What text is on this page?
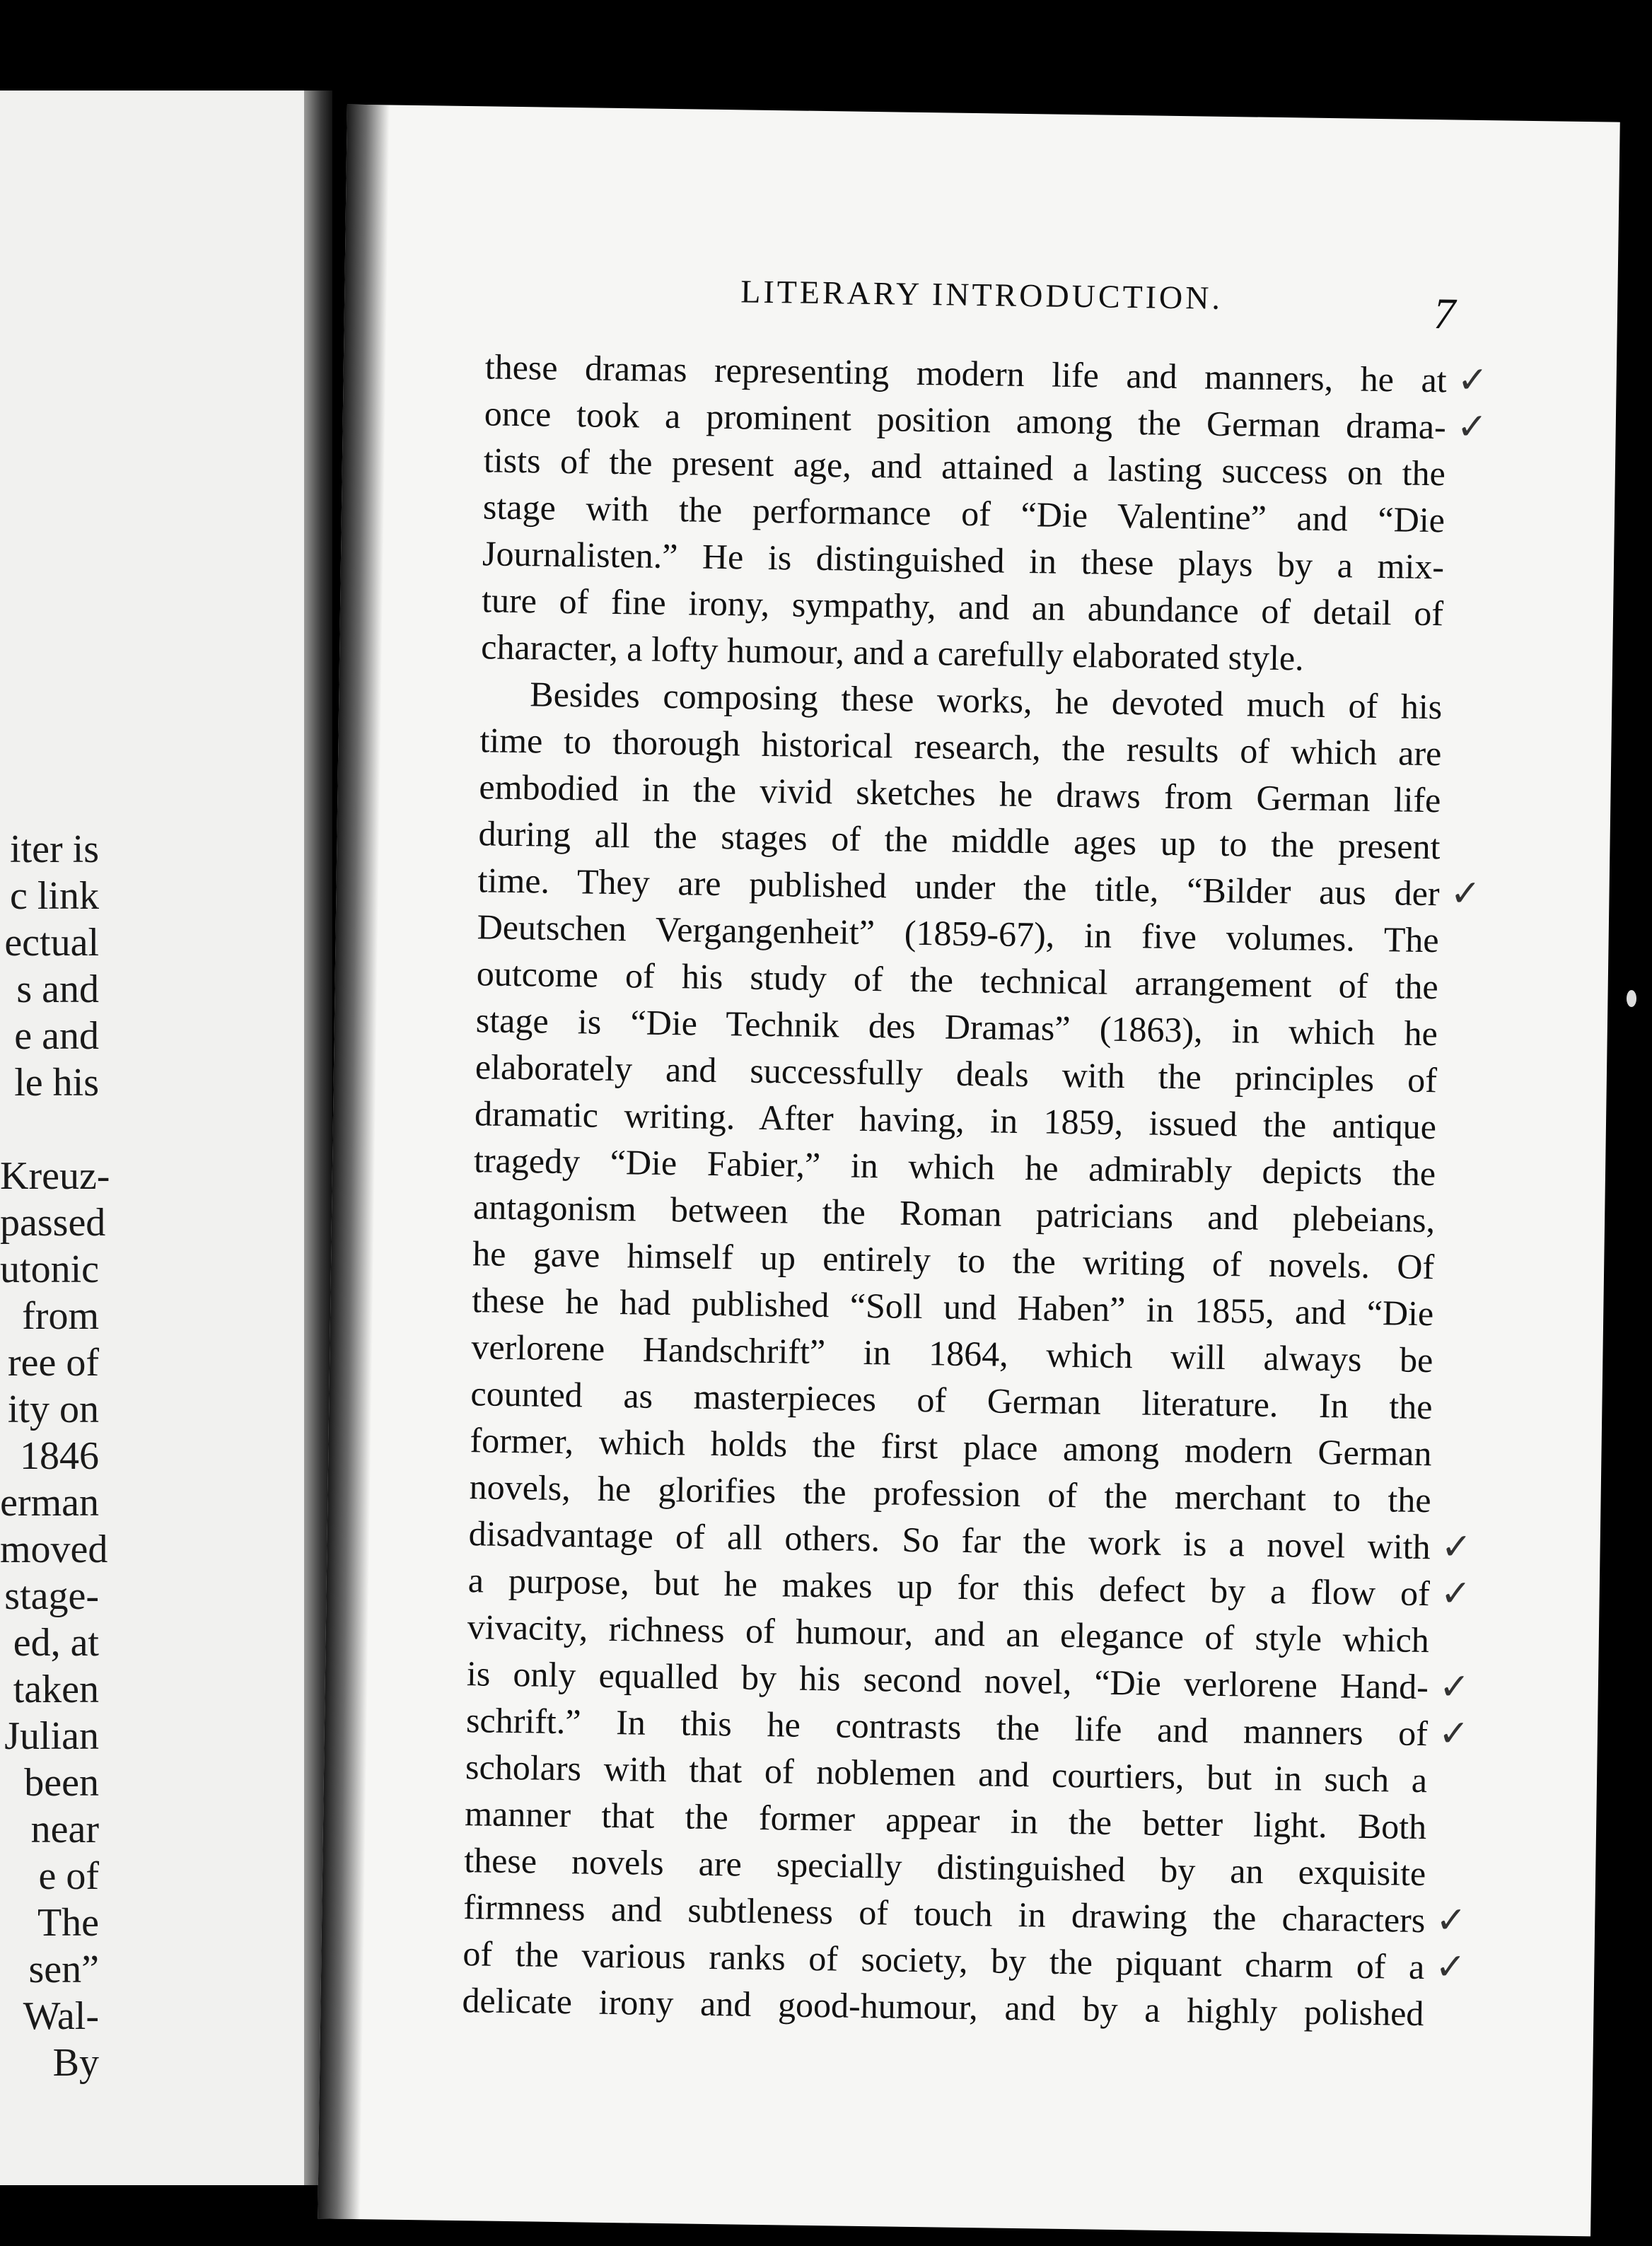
iter is
c link
ectual
s and
e and
le his

Kreuz-
passed
utonic
from
ree of
ity on
1846
erman
moved
stage-
ed, at
taken
Julian
been
near
e of
The
sen”
Wal-
By
LITERARY INTRODUCTION.	7
these dramas representing modern life and manners, he at
once took a prominent position among the German drama-
tists of the present age, and attained a lasting success on the
stage with the performance of “Die Valentine” and “Die
Journalisten.” He is distinguished in these plays by a mix-
ture of fine irony, sympathy, and an abundance of detail of
character, a lofty humour, and a carefully elaborated style.
Besides composing these works, he devoted much of his
time to thorough historical research, the results of which are
embodied in the vivid sketches he draws from German life
during all the stages of the middle ages up to the present
time. They are published under the title, “Bilder aus der
Deutschen Vergangenheit” (1859-67), in five volumes. The
outcome of his study of the technical arrangement of the
stage is “Die Technik des Dramas” (1863), in which he
elaborately and successfully deals with the principles of
dramatic writing. After having, in 1859, issued the antique
tragedy “Die Fabier,” in which he admirably depicts the
antagonism between the Roman patricians and plebeians,
he gave himself up entirely to the writing of novels. Of
these he had published “Soll und Haben” in 1855, and “Die
verlorene Handschrift” in 1864, which will always be
counted as masterpieces of German literature. In the
former, which holds the first place among modern German
novels, he glorifies the profession of the merchant to the
disadvantage of all others. So far the work is a novel with
a purpose, but he makes up for this defect by a flow of
vivacity, richness of humour, and an elegance of style which
is only equalled by his second novel, “Die verlorene Hand-
schrift.” In this he contrasts the life and manners of
scholars with that of noblemen and courtiers, but in such a
manner that the former appear in the better light. Both
these novels are specially distinguished by an exquisite
firmness and subtleness of touch in drawing the characters
of the various ranks of society, by the piquant charm of a
delicate irony and good-humour, and by a highly polished
✓
✓
✓
✓
✓
✓
✓
✓
✓
